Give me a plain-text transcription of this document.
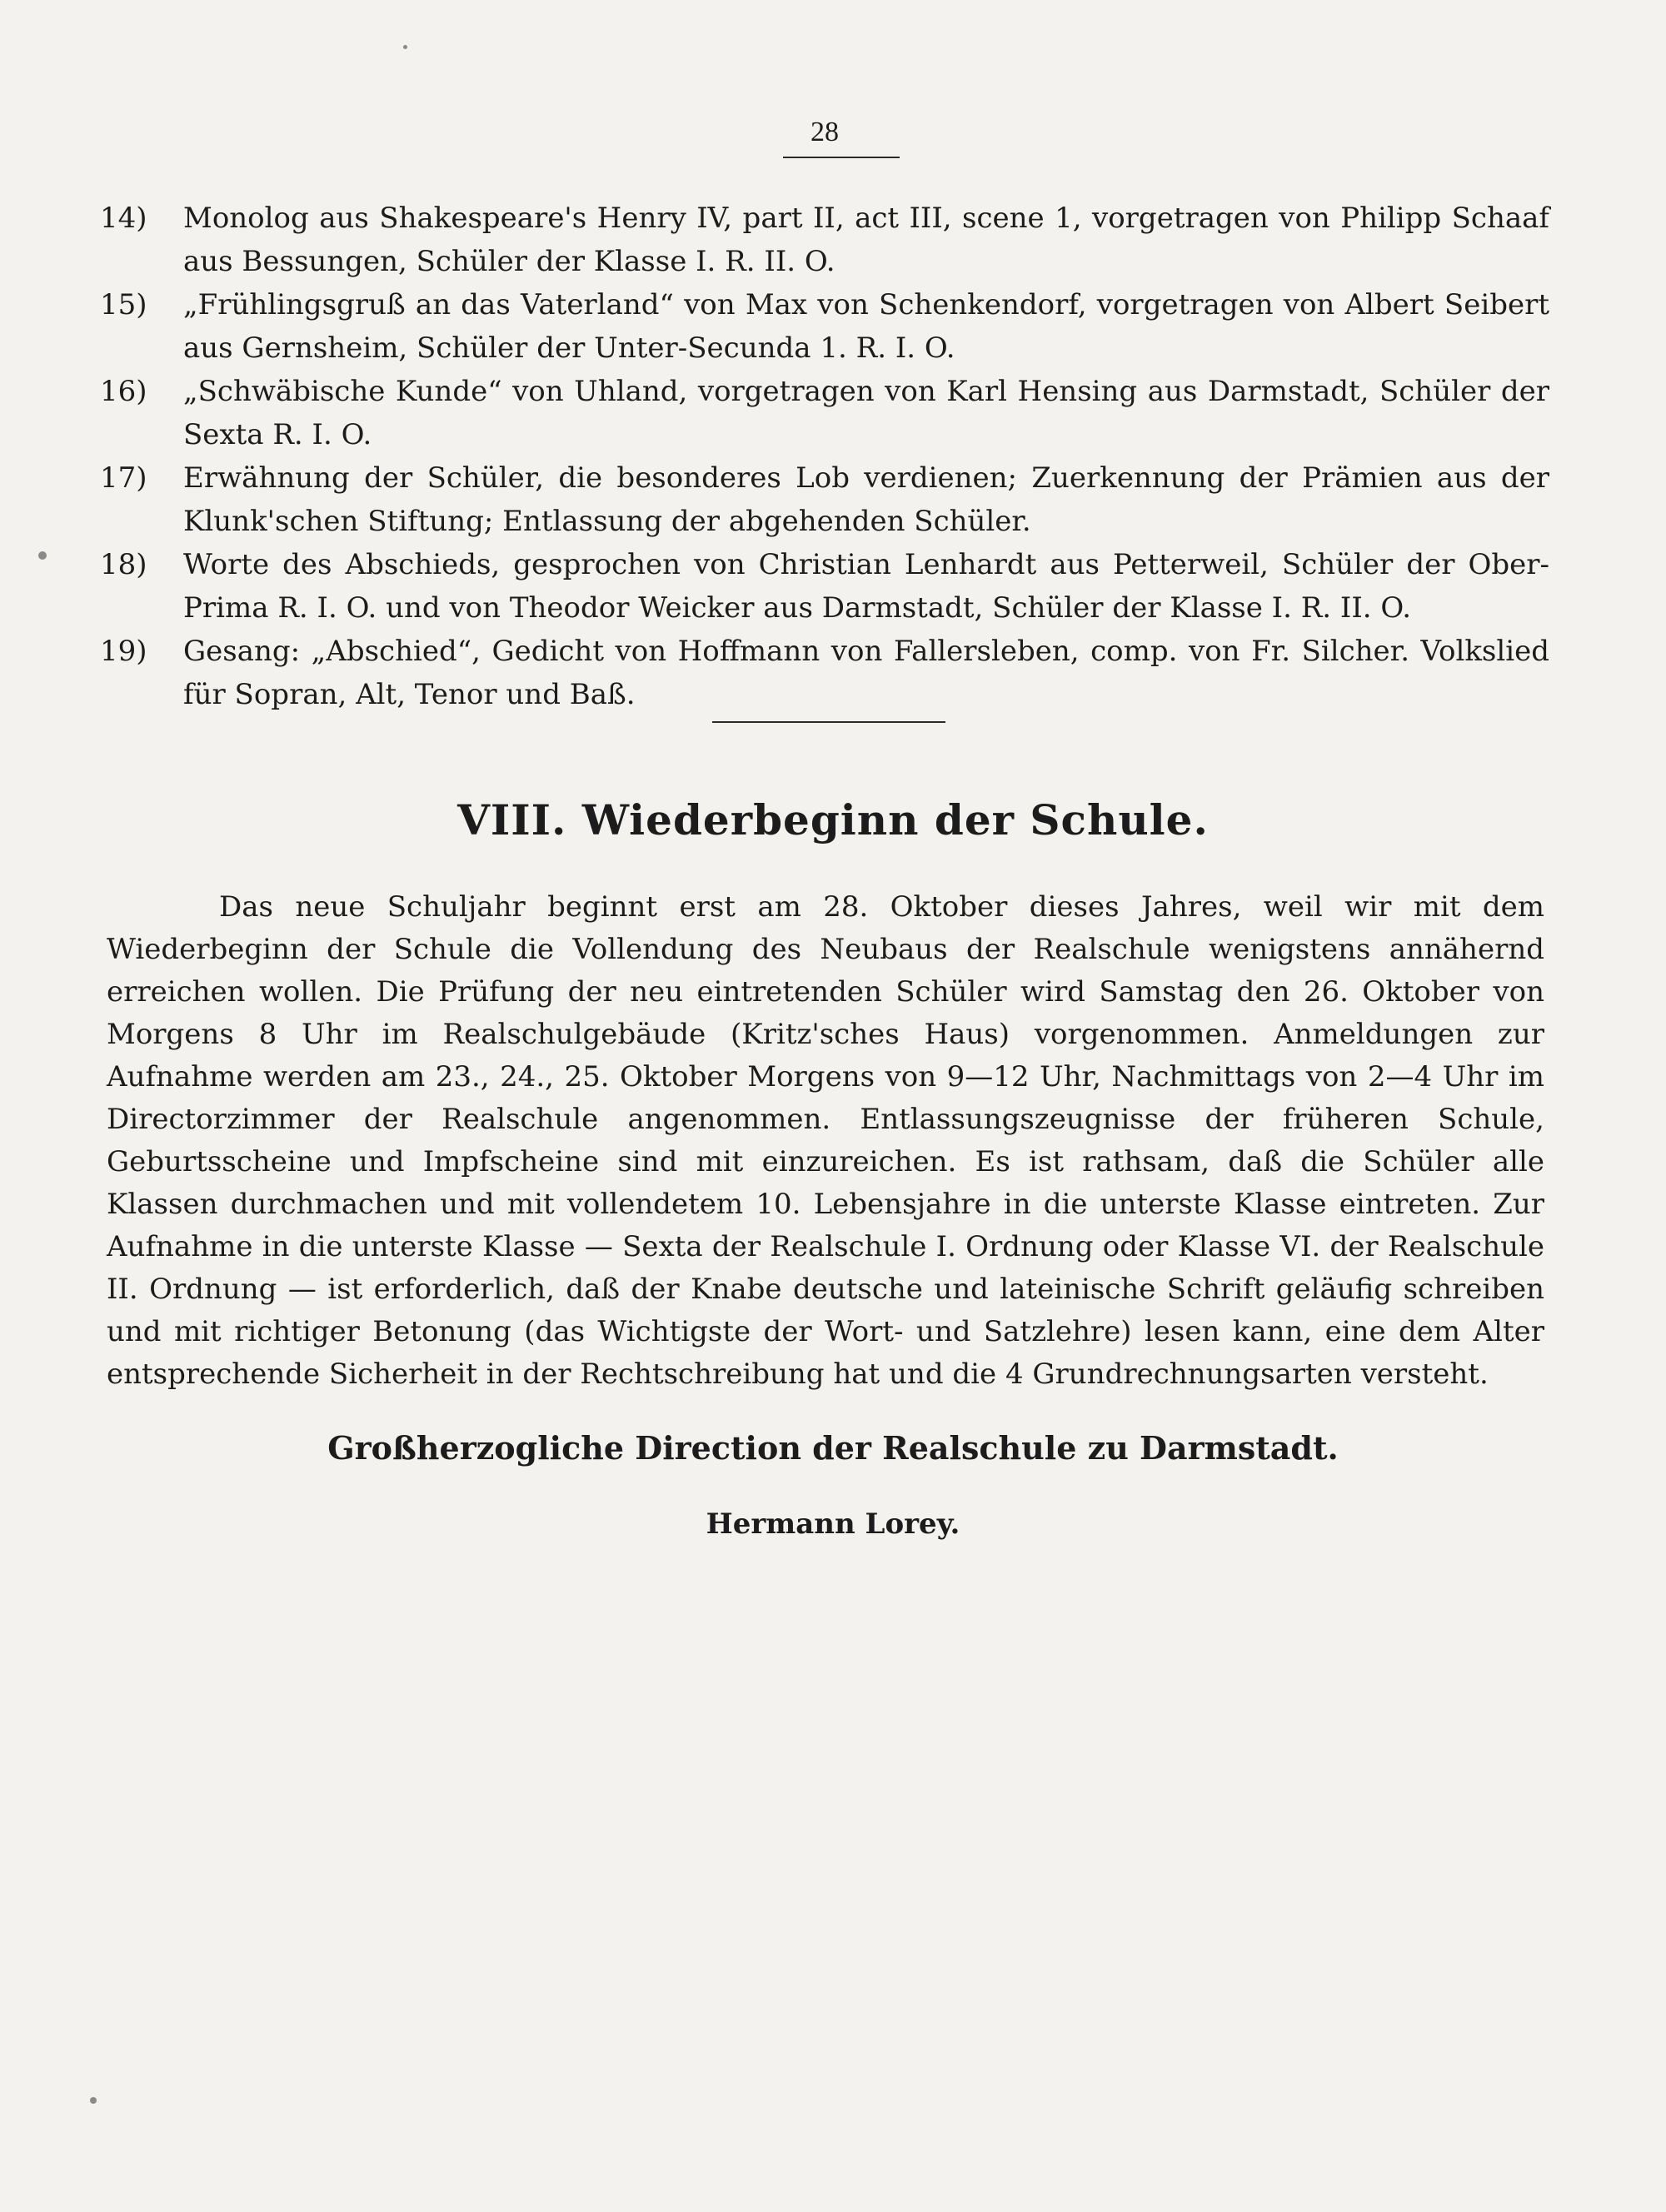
28
14)	Monolog aus Shakespeare's Henry IV, part II, act III, scene 1, vorgetragen von Philipp Schaaf aus Bessungen, Schüler der Klasse I. R. II. O.
15)	„Frühlingsgruß an das Vaterland“ von Max von Schenkendorf, vorgetragen von Albert Seibert aus Gernsheim, Schüler der Unter-Secunda 1. R. I. O.
16)	„Schwäbische Kunde“ von Uhland, vorgetragen von Karl Hensing aus Darmstadt, Schüler der Sexta R. I. O.
17)	Erwähnung der Schüler, die besonderes Lob verdienen; Zuerkennung der Prämien aus der Klunk'schen Stiftung; Entlassung der abgehenden Schüler.
18)	Worte des Abschieds, gesprochen von Christian Lenhardt aus Petterweil, Schüler der Ober-Prima R. I. O. und von Theodor Weicker aus Darmstadt, Schüler der Klasse I. R. II. O.
19)	Gesang: „Abschied“, Gedicht von Hoffmann von Fallersleben, comp. von Fr. Silcher. Volkslied für Sopran, Alt, Tenor und Baß.
VIII. Wiederbeginn der Schule.
Das neue Schuljahr beginnt erst am 28. Oktober dieses Jahres, weil wir mit dem Wiederbeginn der Schule die Vollendung des Neubaus der Realschule wenigstens annähernd erreichen wollen. Die Prüfung der neu eintretenden Schüler wird Samstag den 26. Oktober von Morgens 8 Uhr im Realschulgebäude (Kritz'sches Haus) vorgenommen. Anmeldungen zur Aufnahme werden am 23., 24., 25. Oktober Morgens von 9—12 Uhr, Nachmittags von 2—4 Uhr im Directorzimmer der Realschule angenommen. Entlassungszeugnisse der früheren Schule, Geburtsscheine und Impfscheine sind mit einzureichen. Es ist rathsam, daß die Schüler alle Klassen durchmachen und mit vollendetem 10. Lebensjahre in die unterste Klasse eintreten. Zur Aufnahme in die unterste Klasse — Sexta der Realschule I. Ordnung oder Klasse VI. der Realschule II. Ordnung — ist erforderlich, daß der Knabe deutsche und lateinische Schrift geläufig schreiben und mit richtiger Betonung (das Wichtigste der Wort- und Satzlehre) lesen kann, eine dem Alter entsprechende Sicherheit in der Rechtschreibung hat und die 4 Grundrechnungsarten versteht.
Großherzogliche Direction der Realschule zu Darmstadt.
Hermann Lorey.
